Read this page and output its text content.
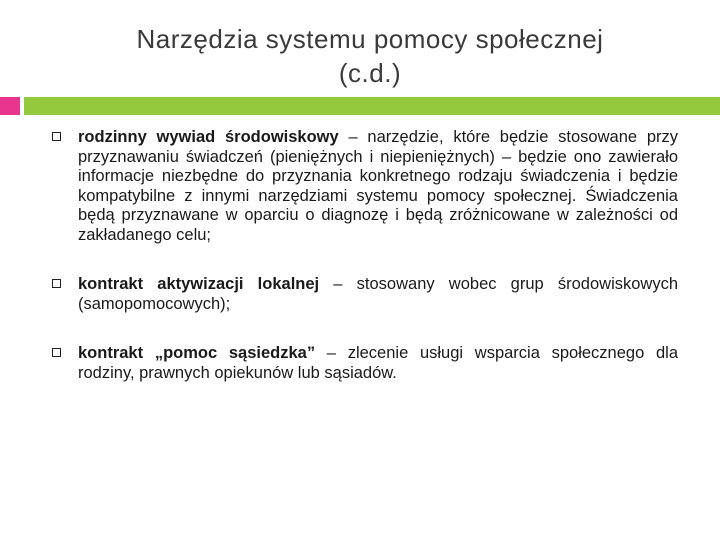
Narzędzia systemu pomocy społecznej
(c.d.)
rodzinny wywiad środowiskowy – narzędzie, które będzie stosowane przy przyznawaniu świadczeń (pieniężnych i niepieniężnych) – będzie ono zawierało informacje niezbędne do przyznania konkretnego rodzaju świadczenia i będzie kompatybilne z innymi narzędziami systemu pomocy społecznej. Świadczenia będą przyznawane w oparciu o diagnozę i będą zróżnicowane w zależności od zakładanego celu;
kontrakt aktywizacji lokalnej – stosowany wobec grup środowiskowych (samopomocowych);
kontrakt „pomoc sąsiedzka” – zlecenie usługi wsparcia społecznego dla rodziny, prawnych opiekunów lub sąsiadów.
